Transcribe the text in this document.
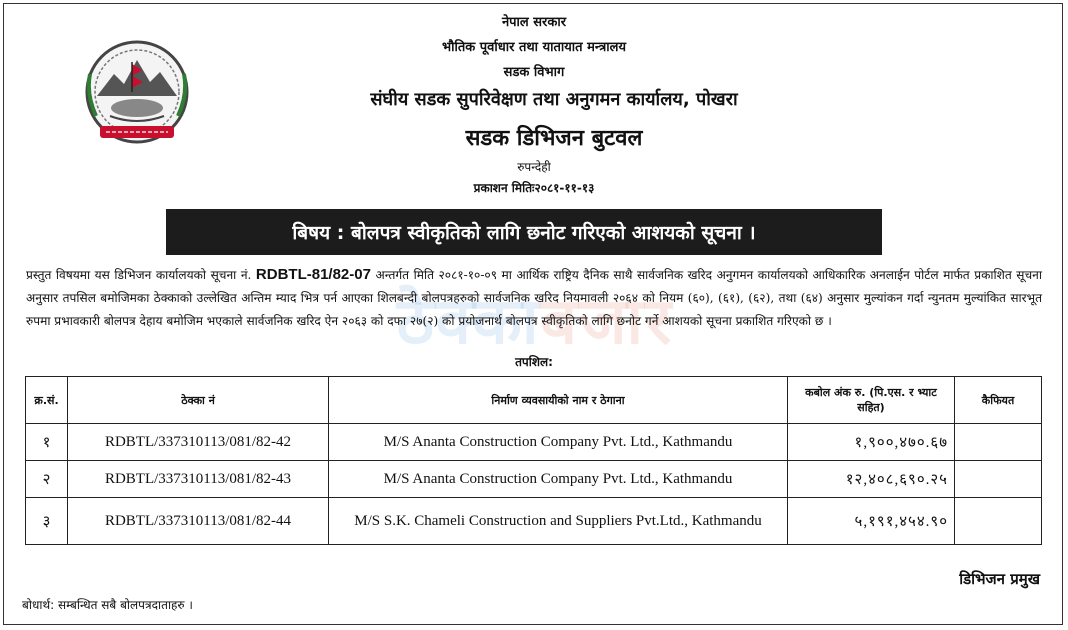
नेपाल सरकार
भौतिक पूर्वाधार तथा यातायात मन्त्रालय
सडक विभाग
संघीय सडक सुपरिवेक्षण तथा अनुगमन कार्यालय, पोखरा
सडक डिभिजन बुटवल
रुपन्देही
प्रकाशन मितिः२०८१-११-१३
बिषय : बोलपत्र स्वीकृतिको लागि छनोट गरिएको आशयको सूचना ।
ठेक्का बजार

प्रस्तुत विषयमा यस डिभिजन कार्यालयको सूचना नं. RDBTL-81/82-07 अन्तर्गत मिति २०८१-१०-०९ मा आर्थिक राष्ट्रिय दैनिक साथै सार्वजनिक खरिद अनुगमन कार्यालयको आधिकारिक अनलाईन पोर्टल मार्फत प्रकाशित सूचना अनुसार तपसिल बमोजिमका ठेक्काको उल्लेखित अन्तिम म्याद भित्र पर्न आएका शिलबन्दी बोलपत्रहरुको सार्वजनिक खरिद नियमावली २०६४ को नियम (६०), (६१), (६२), तथा (६४) अनुसार मुल्यांकन गर्दा न्युनतम मुल्यांकित सारभूत रुपमा प्रभावकारी बोलपत्र देहाय बमोजिम भएकाले सार्वजनिक खरिद ऐन २०६३ को दफा २७(२) को प्रयोजनार्थ बोलपत्र स्वीकृतिको लागि छनोट गर्ने आशयको सूचना प्रकाशित गरिएको छ ।

तपशिल:
क्र.सं.	ठेक्का नं	निर्माण व्यवसायीको नाम र ठेगाना	कबोल अंक रु. (पि.एस. र भ्याट सहित)	कैफियत
१	RDBTL/337310113/081/82-42	M/S Ananta Construction Company Pvt. Ltd., Kathmandu	१,९००,४७०.६७	
२	RDBTL/337310113/081/82-43	M/S Ananta Construction Company Pvt. Ltd., Kathmandu	१२,४०८,६९०.२५	
३	RDBTL/337310113/081/82-44	M/S S.K. Chameli Construction and Suppliers Pvt.Ltd., Kathmandu	५,१९१,४५४.९०	
डिभिजन प्रमुख
बोधार्थ: सम्बन्धित सबै बोलपत्रदाताहरु ।
